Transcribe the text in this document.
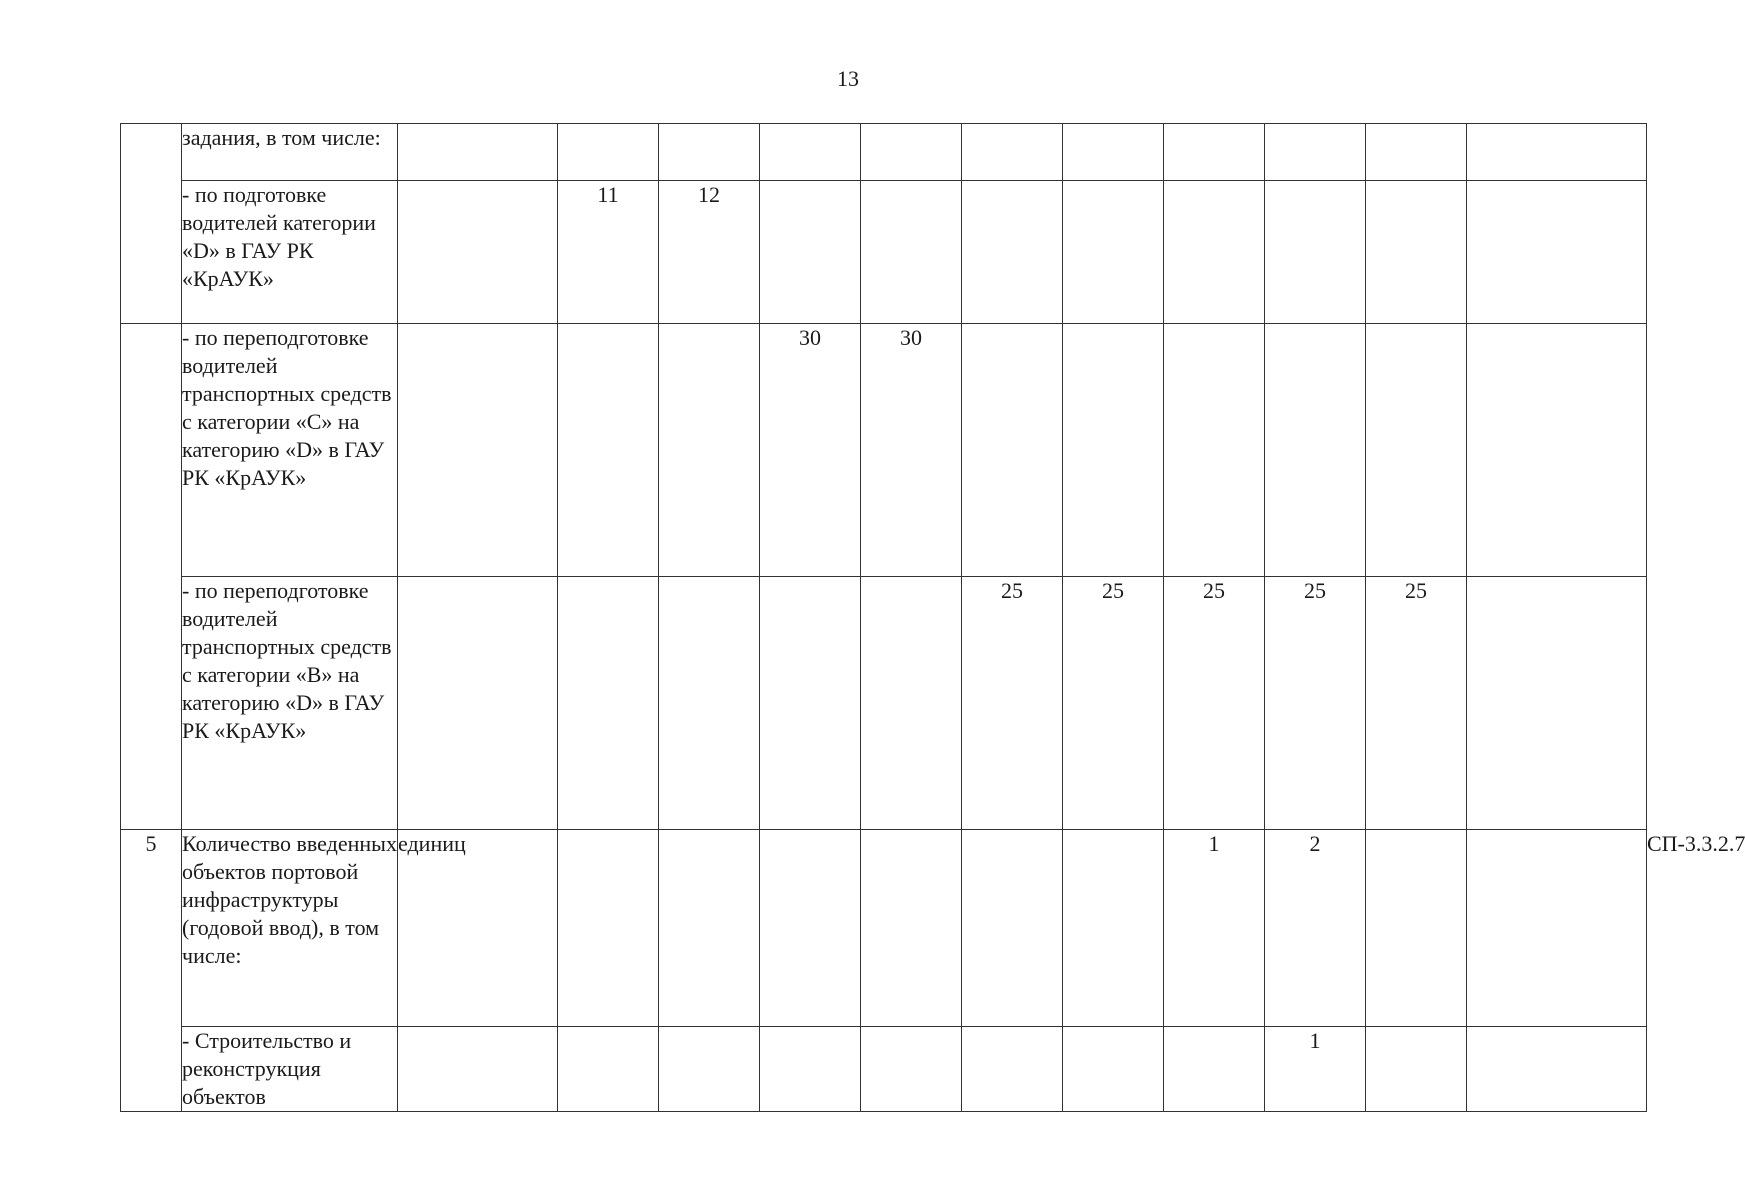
13
	задания, в том числе:												
	- по подготовке водителей категории «D» в ГАУ РК «КрАУК»		11	12									
	- по переподготовке водителей транспортных средств с категории «С» на категорию «D» в ГАУ РК «КрАУК»				30	30							
	- по переподготовке водителей транспортных средств с категории «В» на категорию «D» в ГАУ РК «КрАУК»						25	25	25	25	25		
5	Количество введенных объектов портовой инфраструктуры (годовой ввод), в том числе:	единиц							1	2			СП-3.3.2.7
	- Строительство и реконструкция объектов									1			
